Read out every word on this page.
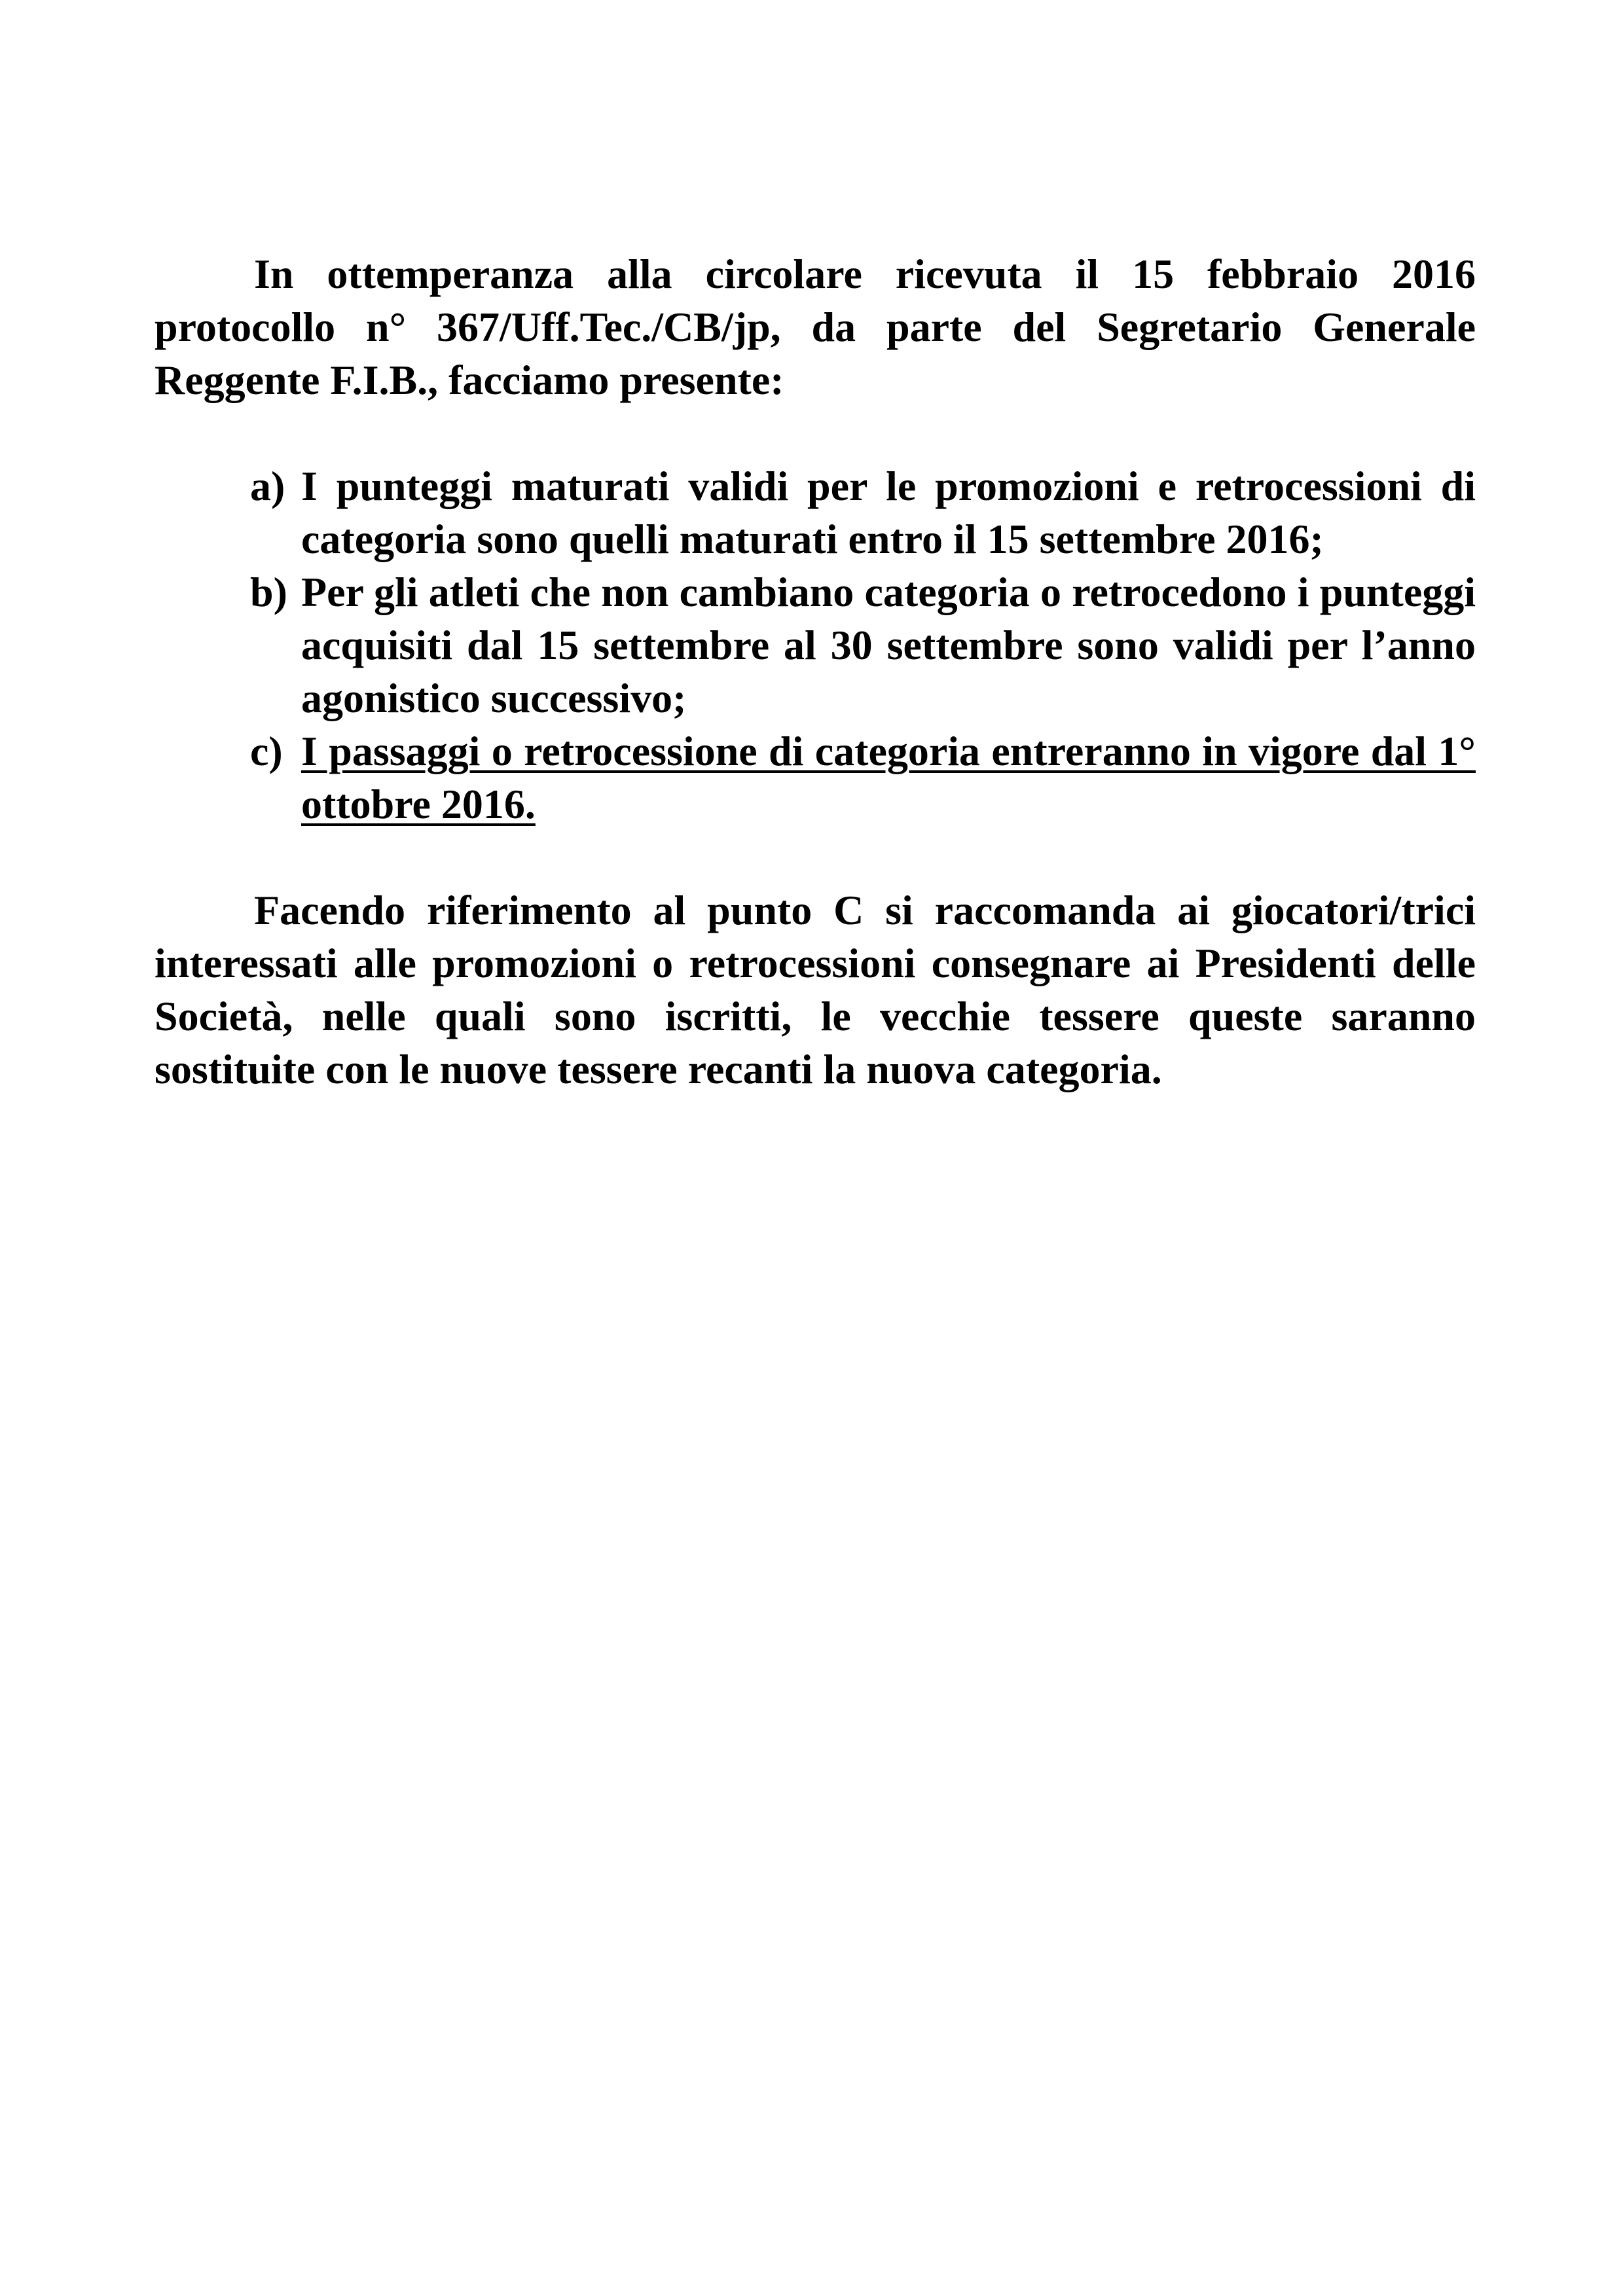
In ottemperanza alla circolare ricevuta il 15 febbraio 2016 protocollo n° 367/Uff.Tec./CB/jp, da parte del Segretario Generale Reggente F.I.B., facciamo presente:

a) I punteggi maturati validi per le promozioni e retrocessioni di categoria sono quelli maturati entro il 15 settembre 2016;
b) Per gli atleti che non cambiano categoria o retrocedono i punteggi acquisiti dal 15 settembre al 30 settembre sono validi per l’anno agonistico successivo;
c) I passaggi o retrocessione di categoria entreranno in vigore dal 1° ottobre 2016.

Facendo riferimento al punto C si raccomanda ai giocatori/trici interessati alle promozioni o retrocessioni consegnare ai Presidenti delle Società, nelle quali sono iscritti, le vecchie tessere queste saranno sostituite con le nuove tessere recanti la nuova categoria.
